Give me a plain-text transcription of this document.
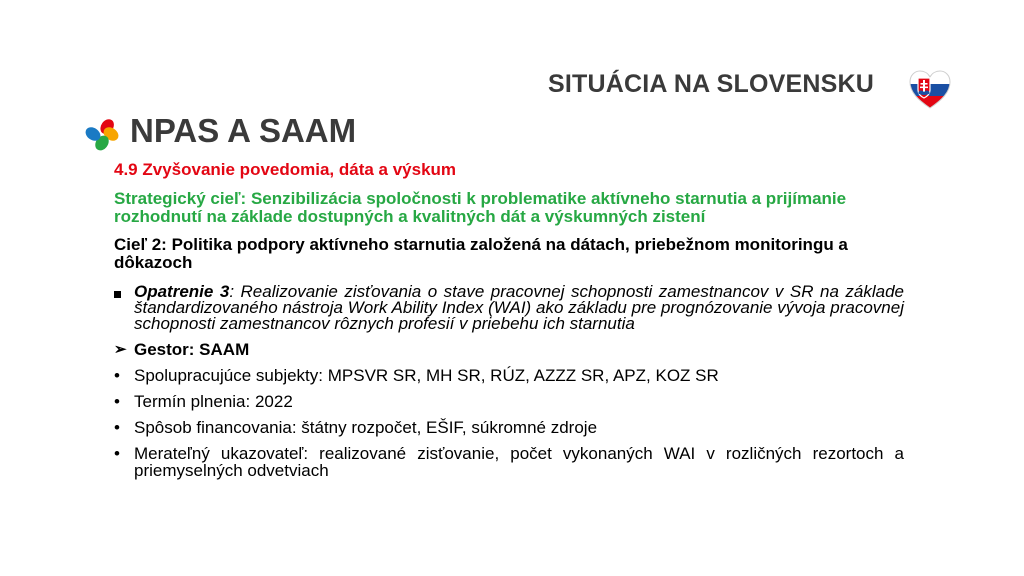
SITUÁCIA NA SLOVENSKU
NPAS A SAAM
4.9 Zvyšovanie povedomia, dáta a výskum
Strategický cieľ: Senzibilizácia spoločnosti k problematike aktívneho starnutia a prijímanie rozhodnutí na základe dostupných a kvalitných dát a výskumných zistení
Cieľ 2: Politika podpory aktívneho starnutia založená na dátach, priebežnom monitoringu a dôkazoch
Opatrenie 3: Realizovanie zisťovania o stave pracovnej schopnosti zamestnancov v SR na základe štandardizovaného nástroja Work Ability Index (WAI) ako základu pre prognózovanie vývoja pracovnej schopnosti zamestnancov rôznych profesií v priebehu ich starnutia
➢ Gestor: SAAM
• Spolupracujúce subjekty: MPSVR SR, MH SR, RÚZ, AZZZ SR, APZ, KOZ SR
• Termín plnenia: 2022
• Spôsob financovania: štátny rozpočet, EŠIF, súkromné zdroje
• Merateľný ukazovateľ: realizované zisťovanie, počet vykonaných WAI v rozličných rezortoch a priemyselných odvetviach
